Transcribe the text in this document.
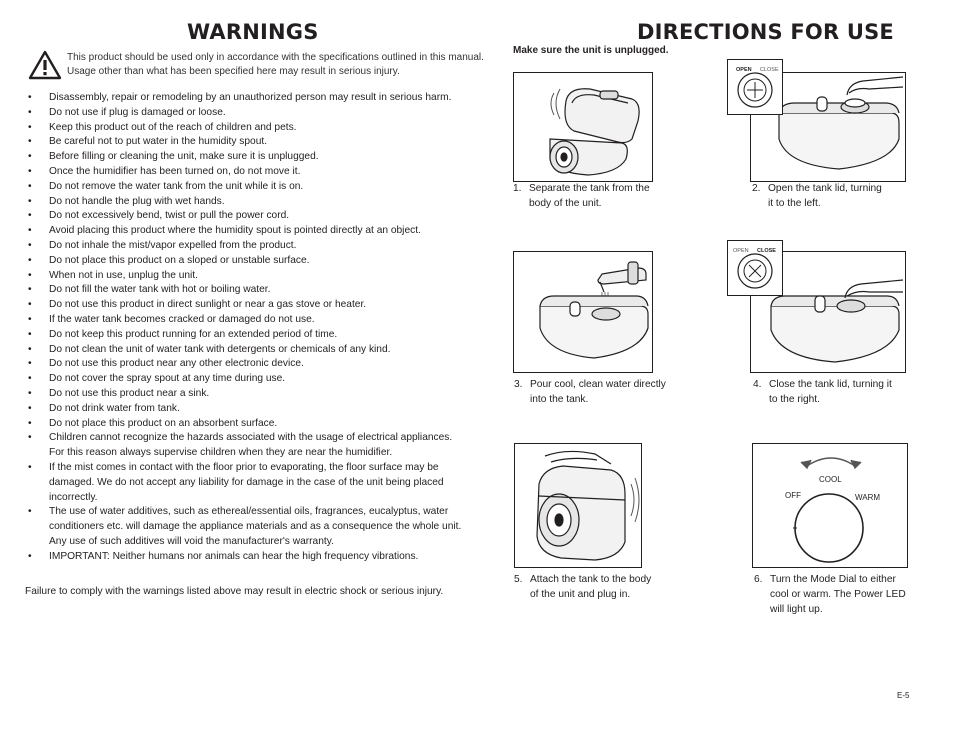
WARNINGS
This product should be used only in accordance with the specifications outlined in this manual.
Usage other than what has been specified here may result in serious injury.
• Disassembly, repair or remodeling by an unauthorized person may result in serious harm.
• Do not use if plug is damaged or loose.
• Keep this product out of the reach of children and pets.
• Be careful not to put water in the humidity spout.
• Before filling or cleaning the unit, make sure it is unplugged.
• Once the humidifier has been turned on, do not move it.
• Do not remove the water tank from the unit while it is on.
• Do not handle the plug with wet hands.
• Do not excessively bend, twist or pull the power cord.
• Avoid placing this product where the humidity spout is pointed directly at an object.
• Do not inhale the mist/vapor expelled from the product.
• Do not place this product on a sloped or unstable surface.
• When not in use, unplug the unit.
• Do not fill the water tank with hot or boiling water.
• Do not use this product in direct sunlight or near a gas stove or heater.
• If the water tank becomes cracked or damaged do not use.
• Do not keep this product running for an extended period of time.
• Do not clean the unit of water tank with detergents or chemicals of any kind.
• Do not use this product near any other electronic device.
• Do not cover the spray spout at any time during use.
• Do not use this product near a sink.
• Do not drink water from tank.
• Do not place this product on an absorbent surface.
• Children cannot recognize the hazards associated with the usage of electrical appliances. For this reason always supervise children when they are near the humidifier.
• If the mist comes in contact with the floor prior to evaporating, the floor surface may be damaged. We do not accept any liability for damage in the case of the unit being placed incorrectly.
• The use of water additives, such as ethereal/essential oils, fragrances, eucalyptus, water conditioners etc. will damage the appliance materials and as a consequence the whole unit. Any use of such additives will void the manufacturer's warranty.
• IMPORTANT: Neither humans nor animals can hear the high frequency vibrations.
Failure to comply with the warnings listed above may result in electric shock or serious injury.
DIRECTIONS FOR USE
Make sure the unit is unplugged.
1. Separate the tank from the
body of the unit.
OPEN CLOSE
2. Open the tank lid, turning
it to the left.
3. Pour cool, clean water directly
into the tank.
OPEN CLOSE
4. Close the tank lid, turning it
to the right.
5. Attach the tank to the body
of the unit and plug in.
OFF
COOL
WARM
6. Turn the Mode Dial to either
cool or warm. The Power LED
will light up.
E-5
